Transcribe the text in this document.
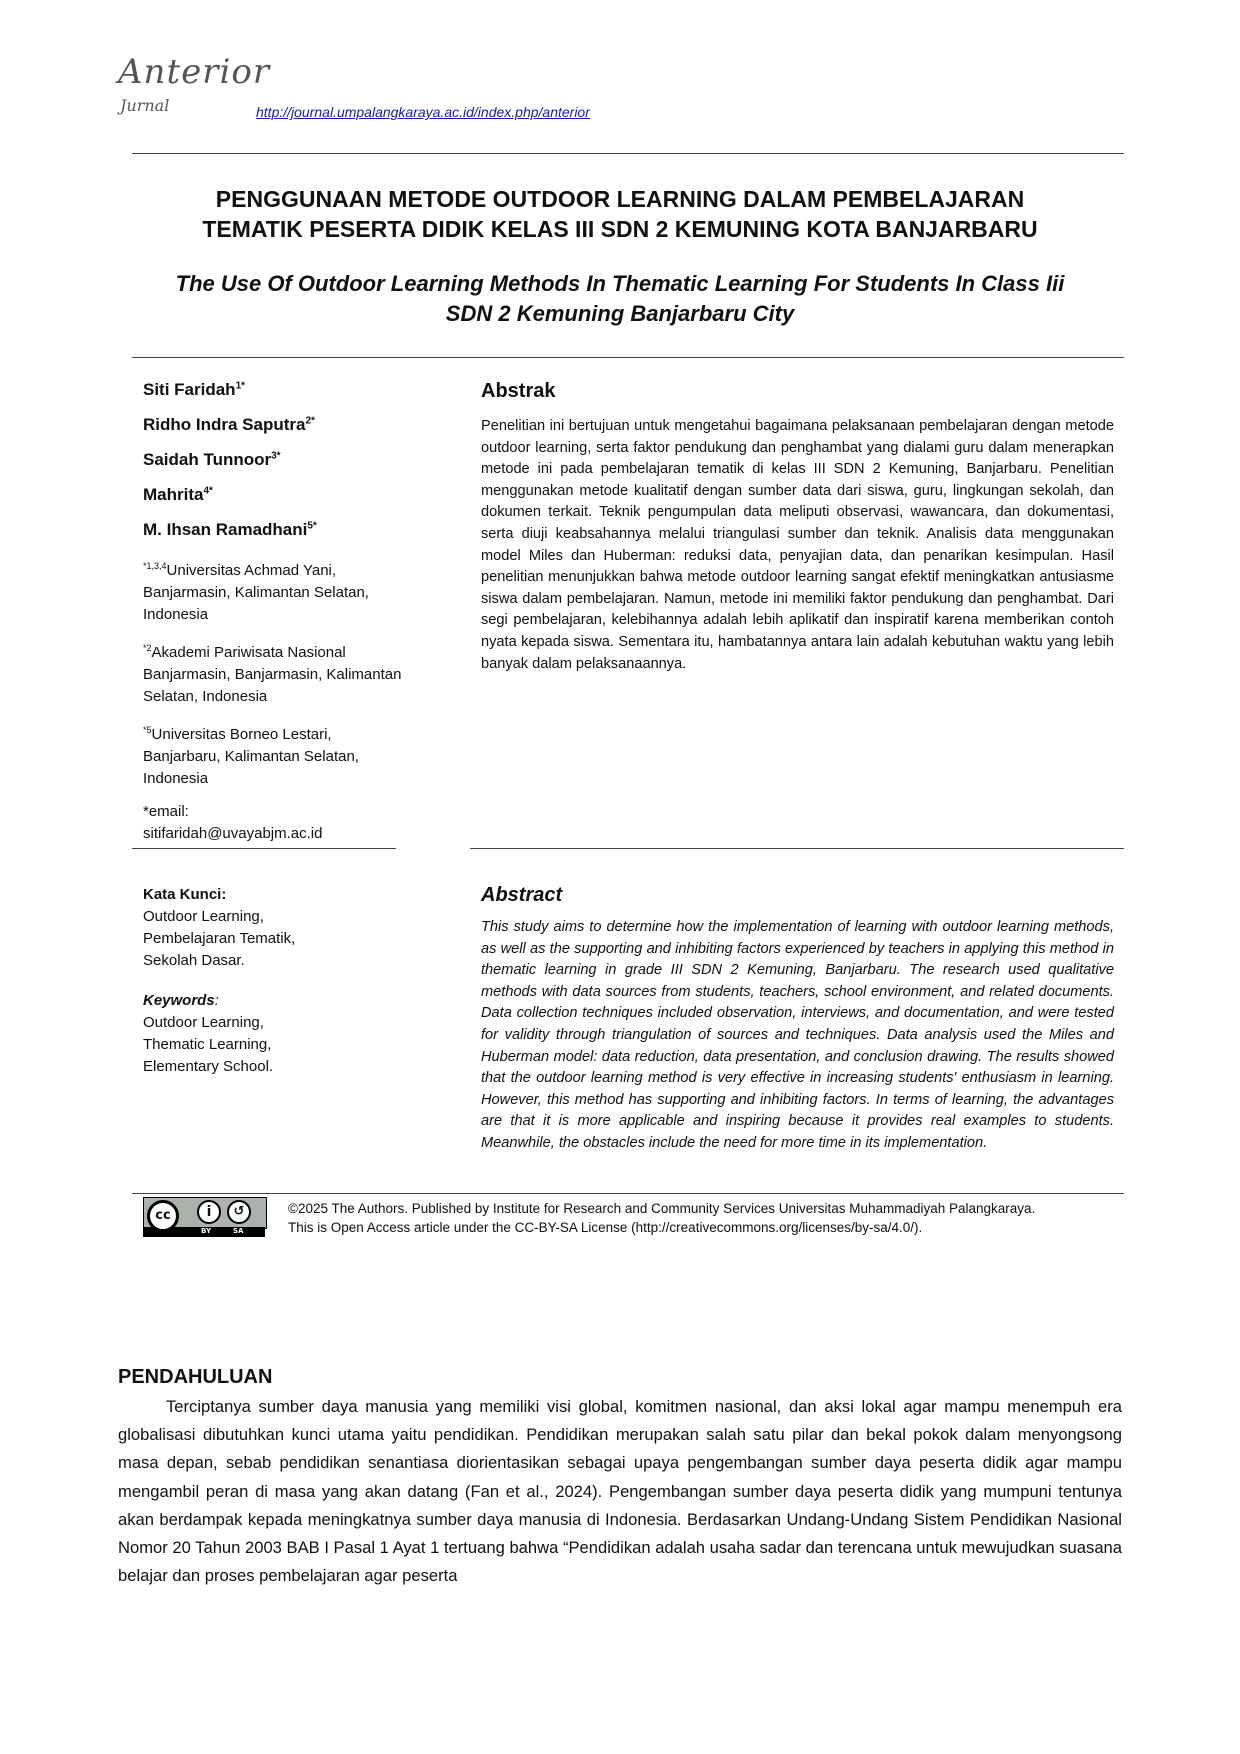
Anterior
Jurnal	http://journal.umpalangkaraya.ac.id/index.php/anterior
PENGGUNAAN METODE OUTDOOR LEARNING DALAM PEMBELAJARAN
TEMATIK PESERTA DIDIK KELAS III SDN 2 KEMUNING KOTA BANJARBARU
The Use Of Outdoor Learning Methods In Thematic Learning For Students In Class Iii
SDN 2 Kemuning Banjarbaru City
Siti Faridah$^{1*}$
Ridho Indra Saputra$^{2*}$
Saidah Tunnoor$^{3*}$
Mahrita$^{4*}$
M. Ihsan Ramadhani$^{5*}$
$^{*1,3,4}$Universitas Achmad Yani, Banjarmasin, Kalimantan Selatan, Indonesia
$^{*2}$Akademi Pariwisata Nasional Banjarmasin, Banjarmasin, Kalimantan Selatan, Indonesia
$^{*5}$Universitas Borneo Lestari, Banjarbaru, Kalimantan Selatan, Indonesia
*email:
sitifaridah@uvayabjm.ac.id
Abstrak
Penelitian ini bertujuan untuk mengetahui bagaimana pelaksanaan pembelajaran dengan metode outdoor learning, serta faktor pendukung dan penghambat yang dialami guru dalam menerapkan metode ini pada pembelajaran tematik di kelas III SDN 2 Kemuning, Banjarbaru. Penelitian menggunakan metode kualitatif dengan sumber data dari siswa, guru, lingkungan sekolah, dan dokumen terkait. Teknik pengumpulan data meliputi observasi, wawancara, dan dokumentasi, serta diuji keabsahannya melalui triangulasi sumber dan teknik. Analisis data menggunakan model Miles dan Huberman: reduksi data, penyajian data, dan penarikan kesimpulan. Hasil penelitian menunjukkan bahwa metode outdoor learning sangat efektif meningkatkan antusiasme siswa dalam pembelajaran. Namun, metode ini memiliki faktor pendukung dan penghambat. Dari segi pembelajaran, kelebihannya adalah lebih aplikatif dan inspiratif karena memberikan contoh nyata kepada siswa. Sementara itu, hambatannya antara lain adalah kebutuhan waktu yang lebih banyak dalam pelaksanaannya.
Kata Kunci:
Outdoor Learning,
Pembelajaran Tematik,
Sekolah Dasar.
Keywords:
Outdoor Learning,
Thematic Learning,
Elementary School.
Abstract
This study aims to determine how the implementation of learning with outdoor learning methods, as well as the supporting and inhibiting factors experienced by teachers in applying this method in thematic learning in grade III SDN 2 Kemuning, Banjarbaru. The research used qualitative methods with data sources from students, teachers, school environment, and related documents. Data collection techniques included observation, interviews, and documentation, and were tested for validity through triangulation of sources and techniques. Data analysis used the Miles and Huberman model: data reduction, data presentation, and conclusion drawing. The results showed that the outdoor learning method is very effective in increasing students' enthusiasm in learning. However, this method has supporting and inhibiting factors. In terms of learning, the advantages are that it is more applicable and inspiring because it provides real examples to students. Meanwhile, the obstacles include the need for more time in its implementation.
cc	i	↺
BY	SA
©2025 The Authors. Published by Institute for Research and Community Services Universitas Muhammadiyah Palangkaraya.
This is Open Access article under the CC-BY-SA License (http://creativecommons.org/licenses/by-sa/4.0/).
PENDAHULUAN
Terciptanya sumber daya manusia yang memiliki visi global, komitmen nasional, dan aksi lokal agar mampu menempuh era globalisasi dibutuhkan kunci utama yaitu pendidikan. Pendidikan merupakan salah satu pilar dan bekal pokok dalam menyongsong masa depan, sebab pendidikan senantiasa diorientasikan sebagai upaya pengembangan sumber daya peserta didik agar mampu mengambil peran di masa yang akan datang (Fan et al., 2024). Pengembangan sumber daya peserta didik yang mumpuni tentunya akan berdampak kepada meningkatnya sumber daya manusia di Indonesia. Berdasarkan Undang-Undang Sistem Pendidikan Nasional Nomor 20 Tahun 2003 BAB I Pasal 1 Ayat 1 tertuang bahwa “Pendidikan adalah usaha sadar dan terencana untuk mewujudkan suasana belajar dan proses pembelajaran agar peserta
